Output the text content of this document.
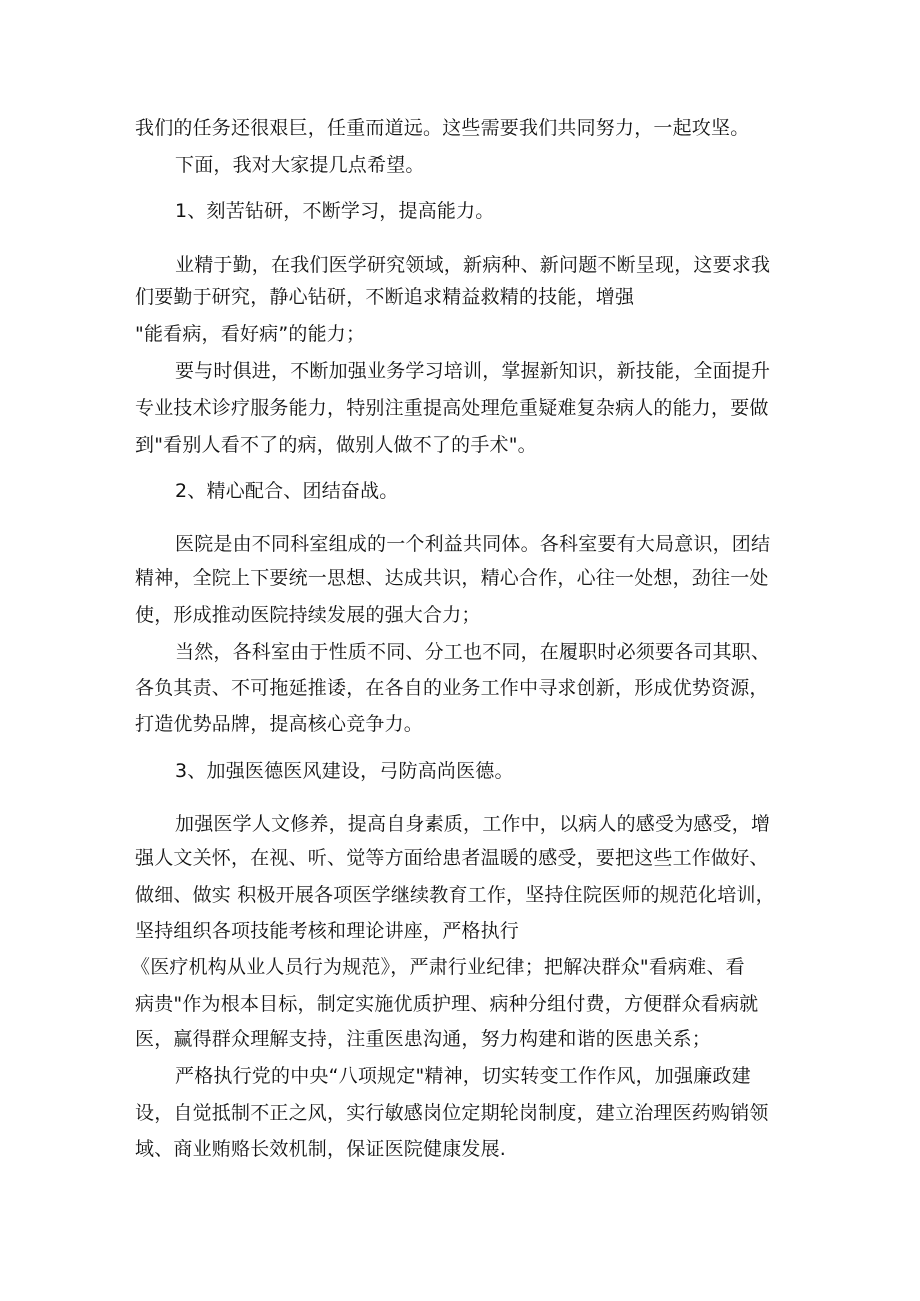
我们的任务还很艰巨，任重而道远。这些需要我们共同努力，一起攻坚。
下面，我对大家提几点希望。
1、刻苦钻研，不断学习，提高能力。
业精于勤，在我们医学研究领域，新病种、新问题不断呈现，这要求我
们要勤于研究，静心钻研，不断追求精益救精的技能，增强
"能看病，看好病”的能力；
要与时俱进，不断加强业务学习培训，掌握新知识，新技能，全面提升
专业技术诊疗服务能力，特别注重提高处理危重疑难复杂病人的能力，要做
到"看别人看不了的病，做别人做不了的手术"。
2、精心配合、团结奋战。
医院是由不同科室组成的一个利益共同体。各科室要有大局意识，团结
精神，全院上下要统一思想、达成共识，精心合作，心往一处想，劲往一处
使，形成推动医院持续发展的强大合力；
当然，各科室由于性质不同、分工也不同，在履职时必须要各司其职、
各负其责、不可拖延推诿，在各自的业务工作中寻求创新，形成优势资源，
打造优势品牌，提高核心竞争力。
3、加强医德医风建设，弓防高尚医德。
加强医学人文修养，提高自身素质，工作中，以病人的感受为感受，增
强人文关怀，在视、听、觉等方面给患者温暖的感受，要把这些工作做好、
做细、做实 积极开展各项医学继续教育工作，坚持住院医师的规范化培训，
坚持组织各项技能考核和理论讲座，严格执行
《医疗机构从业人员行为规范》，严肃行业纪律；把解决群众"看病难、看
病贵"作为根本目标，制定实施优质护理、病种分组付费，方便群众看病就
医，赢得群众理解支持，注重医患沟通，努力构建和谐的医患关系；
严格执行党的中央“八项规定"精神，切实转变工作作风，加强廉政建
设，自觉抵制不正之风，实行敏感岗位定期轮岗制度，建立治理医药购销领
域、商业贿赂长效机制，保证医院健康发展.
